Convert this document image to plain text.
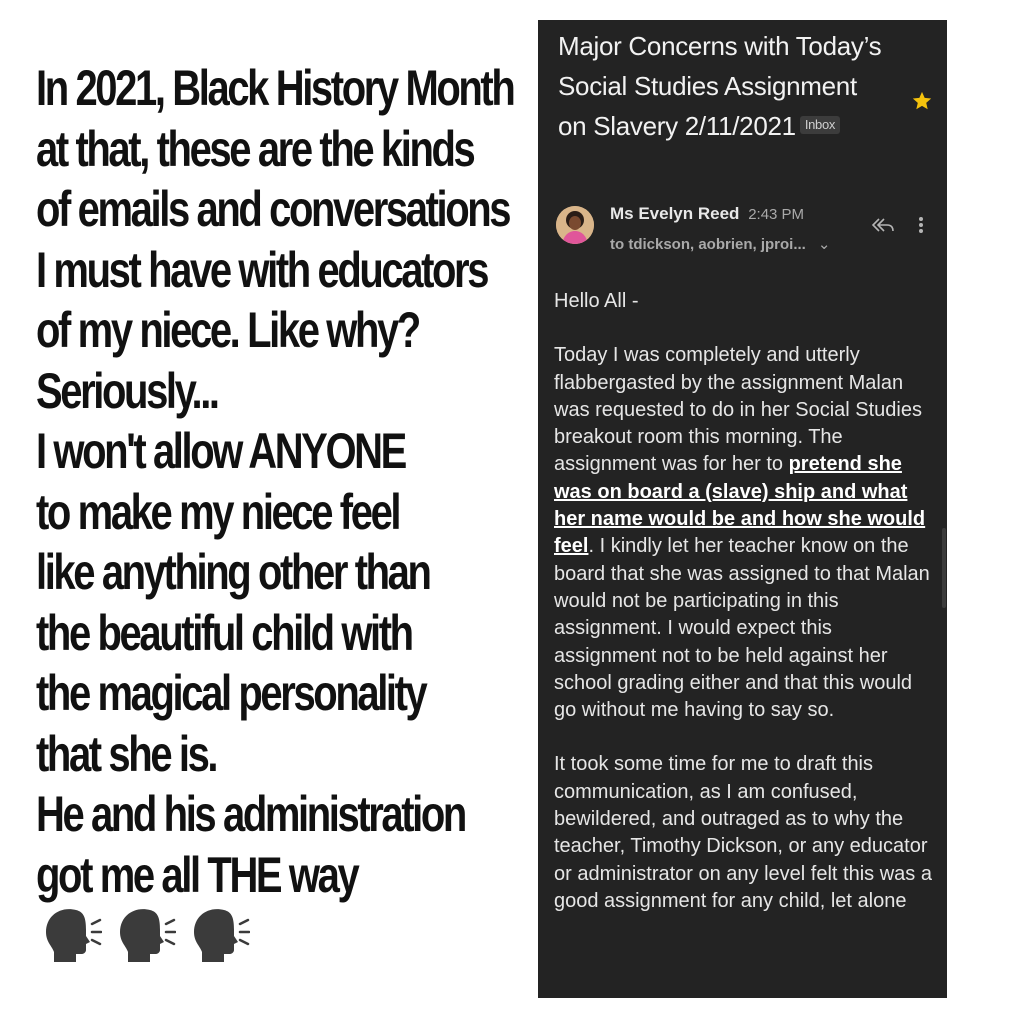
In 2021, Black History Month
at that, these are the kinds
of emails and conversations
I must have with educators
of my niece. Like why?
Seriously...
I won't allow ANYONE
to make my niece feel
like anything other than
the beautiful child with
the magical personality
that she is.
He and his administration
got me all THE way
Major Concerns with Today’s Social Studies Assignment on Slavery 2/11/2021 Inbox
Ms Evelyn Reed 2:43 PM
to tdickson, aobrien, jproi... ⌄

Hello All -

Today I was completely and utterly flabbergasted by the assignment Malan was requested to do in her Social Studies breakout room this morning. The assignment was for her to pretend she was on board a (slave) ship and what her name would be and how she would feel. I kindly let her teacher know on the board that she was assigned to that Malan would not be participating in this assignment. I would expect this assignment not to be held against her school grading either and that this would go without me having to say so.

It took some time for me to draft this communication, as I am confused, bewildered, and outraged as to why the teacher, Timothy Dickson, or any educator or administrator on any level felt this was a good assignment for any child, let alone
